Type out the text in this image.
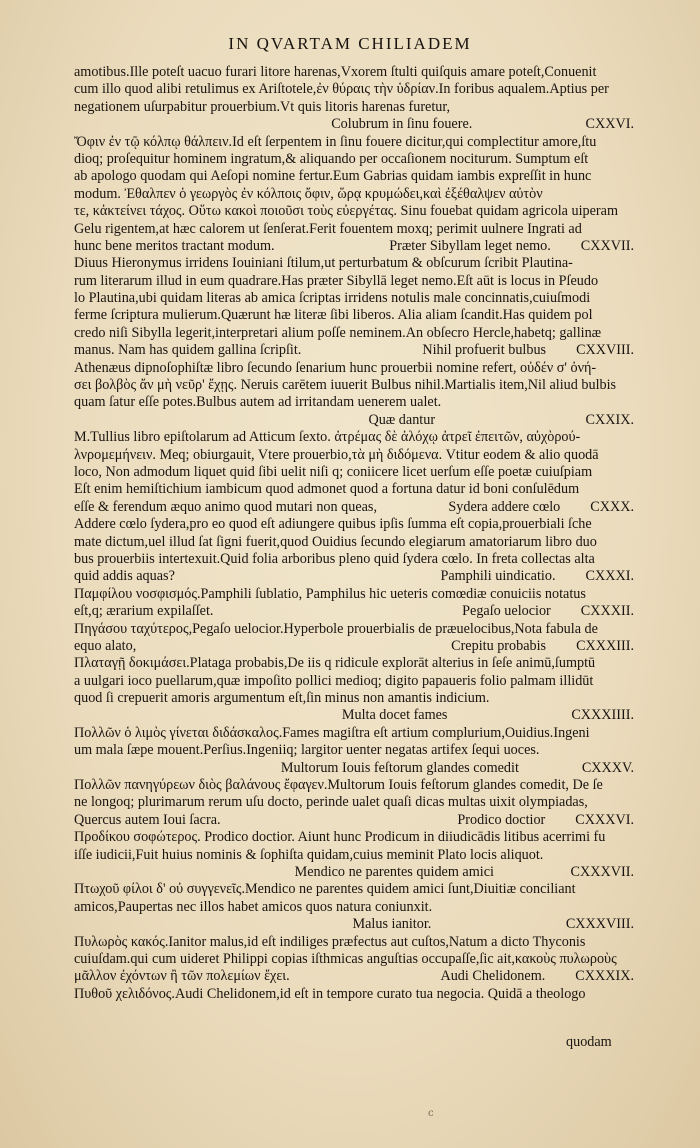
IN QVARTAM CHILIADEM
amotibus.Ille poteſt uacuo furari litore harenas,Vxorem ſtulti quiſquis amare poteſt,Conuenit
cum illo quod alibi retulimus ex Ariſtotele,ἐν θύραις τὴν ὑδρίαν.In foribus aqualem.Aptius per
negationem uſurpabitur prouerbium.Vt quis litoris harenas furetur,
Colubrum in ſinu fouere.	CXXVI.
Ὄφιν ἐν τῷ κόλπῳ θάλπειν.Id eſt ſerpentem in ſinu fouere dicitur,qui complectitur amore,ſtu
dioq; proſequitur hominem ingratum,& aliquando per occaſionem nociturum. Sumptum eſt
ab apologo quodam qui Aeſopi nomine fertur.Eum Gabrias quidam iambis expreſſit in hunc
modum. Ἐθαλπεν ὁ γεωργὸς ἐν κόλποις ὄφιν, ὥρᾳ κρυμώδει,καὶ ἐξέθαλψεν αὐτὸν
τε, κἀκτείνει τάχος. Οὕτω κακοὶ ποιοῦσι τοὺς εὐεργέτας. Sinu fouebat quidam agricola uiperam
Gelu rigentem,at hæc calorem ut ſenſerat.Ferit fouentem moxq; perimit uulnere Ingrati ad
hunc bene meritos tractant modum.	Præter Sibyllam leget nemo.	CXXVII.
Diuus Hieronymus irridens Iouiniani ſtilum,ut perturbatum & obſcurum ſcribit Plautina-
rum literarum illud in eum quadrare.Has præter Sibyllā leget nemo.Eſt aūt is locus in Pſeudo
lo Plautina,ubi quidam literas ab amica ſcriptas irridens notulis male concinnatis,cuiuſmodi
ferme ſcriptura mulierum.Quærunt hæ literæ ſibi liberos. Alia aliam ſcandit.Has quidem pol
credo niſi Sibylla legerit,interpretari alium poſſe neminem.An obſecro Hercle,habetq; gallinæ
manus. Nam has quidem gallina ſcripſit.	Nihil profuerit bulbus	CXXVIII.
Athenæus dipnoſophiſtæ libro ſecundo ſenarium hunc prouerbii nomine refert, οὐδέν σ' ὀνή-
σει βολβὸς ἄν μὴ νεῦρ' ἔχῃς. Neruis carētem iuuerit Bulbus nihil.Martialis item,Nil aliud bulbis
quam ſatur eſſe potes.Bulbus autem ad irritandam uenerem ualet.
Quæ dantur	CXXIX.
M.Tullius libro epiſtolarum ad Atticum ſexto. ἀτρέμας δὲ ἀλόχῳ ἀτρεῖ ἐπειτῶν, αὐχὸρού-
λνρομεμήνειν. Meq; obiurgauit, Vtere prouerbio,τὰ μὴ διδόμενα. Vtitur eodem & alio quodā
loco, Non admodum liquet quid ſibi uelit niſi q; coniicere licet uerſum eſſe poetæ cuiuſpiam
Eſt enim hemiſtichium iambicum quod admonet quod a fortuna datur id boni conſulēdum
eſſe & ferendum æquo animo quod mutari non queas,	Sydera addere cœlo	CXXX.
Addere cœlo ſydera,pro eo quod eſt adiungere quibus ipſis ſumma eſt copia,prouerbiali ſche
mate dictum,uel illud ſat ſigni fuerit,quod Ouidius ſecundo elegiarum amatoriarum libro duo
bus prouerbiis intertexuit.Quid folia arboribus pleno quid ſydera cœlo. In freta collectas alta
quid addis aquas?	Pamphili uindicatio.	CXXXI.
Παμφίλου νοσφισμός.Pamphili ſublatio, Pamphilus hic ueteris comœdiæ conuiciis notatus
eſt,q; ærarium expilaſſet.	Pegaſo uelocior	CXXXII.
Πηγάσου ταχύτερος,Pegaſo uelocior.Hyperbole prouerbialis de præuelocibus,Nota fabula de
equo alato,	Crepitu probabis	CXXXIII.
Πλαταγῇ δοκιμάσει.Plataga probabis,De iis q ridicule explorāt alterius in ſeſe animū,ſumptū
a uulgari ioco puellarum,quæ impoſito pollici medioq; digito papaueris folio palmam illidūt
quod ſi crepuerit amoris argumentum eſt,ſin minus non amantis indicium.
Multa docet fames	CXXXIIII.
Πολλῶν ὁ λιμὸς γίνεται διδάσκαλος.Fames magiſtra eſt artium complurium,Ouidius.Ingeni
um mala ſæpe mouent.Perſius.Ingeniiq; largitor uenter negatas artifex ſequi uoces.
Multorum Iouis feſtorum glandes comedit	CXXXV.
Πολλῶν πανηγύρεων διὸς βαλάνους ἔφαγεν.Multorum Iouis feſtorum glandes comedit, De ſe
ne longoq; plurimarum rerum uſu docto, perinde ualet quaſi dicas multas uixit olympiadas,
Quercus autem Ioui ſacra.	Prodico doctior	CXXXVI.
Προδίκου σοφώτερος. Prodico doctior. Aiunt hunc Prodicum in diiudicādis litibus acerrimi fu
iſſe iudicii,Fuit huius nominis & ſophiſta quidam,cuius meminit Plato locis aliquot.
Mendico ne parentes quidem amici	CXXXVII.
Πτωχοῦ φίλοι δ' οὐ συγγενεῖς.Mendico ne parentes quidem amici ſunt,Diuitiæ conciliant
amicos,Paupertas nec illos habet amicos quos natura coniunxit.
Malus ianitor.	CXXXVIII.
Πυλωρὸς κακός.Ianitor malus,id eſt indiliges præfectus aut cuſtos,Natum a dicto Thyconis
cuiuſdam.qui cum uideret Philippi copias iſthmicas anguſtias occupaſſe,ſic ait,κακοὺς πυλωροὺς
μᾶλλον ἐχόντων ἢ τῶν πολεμίων ἔχει.	Audi Chelidonem.	CXXXIX.
Πυθοῦ χελιδόνος.Audi Chelidonem,id eſt in tempore curato tua negocia. Quidā a theologo
quodam
c
